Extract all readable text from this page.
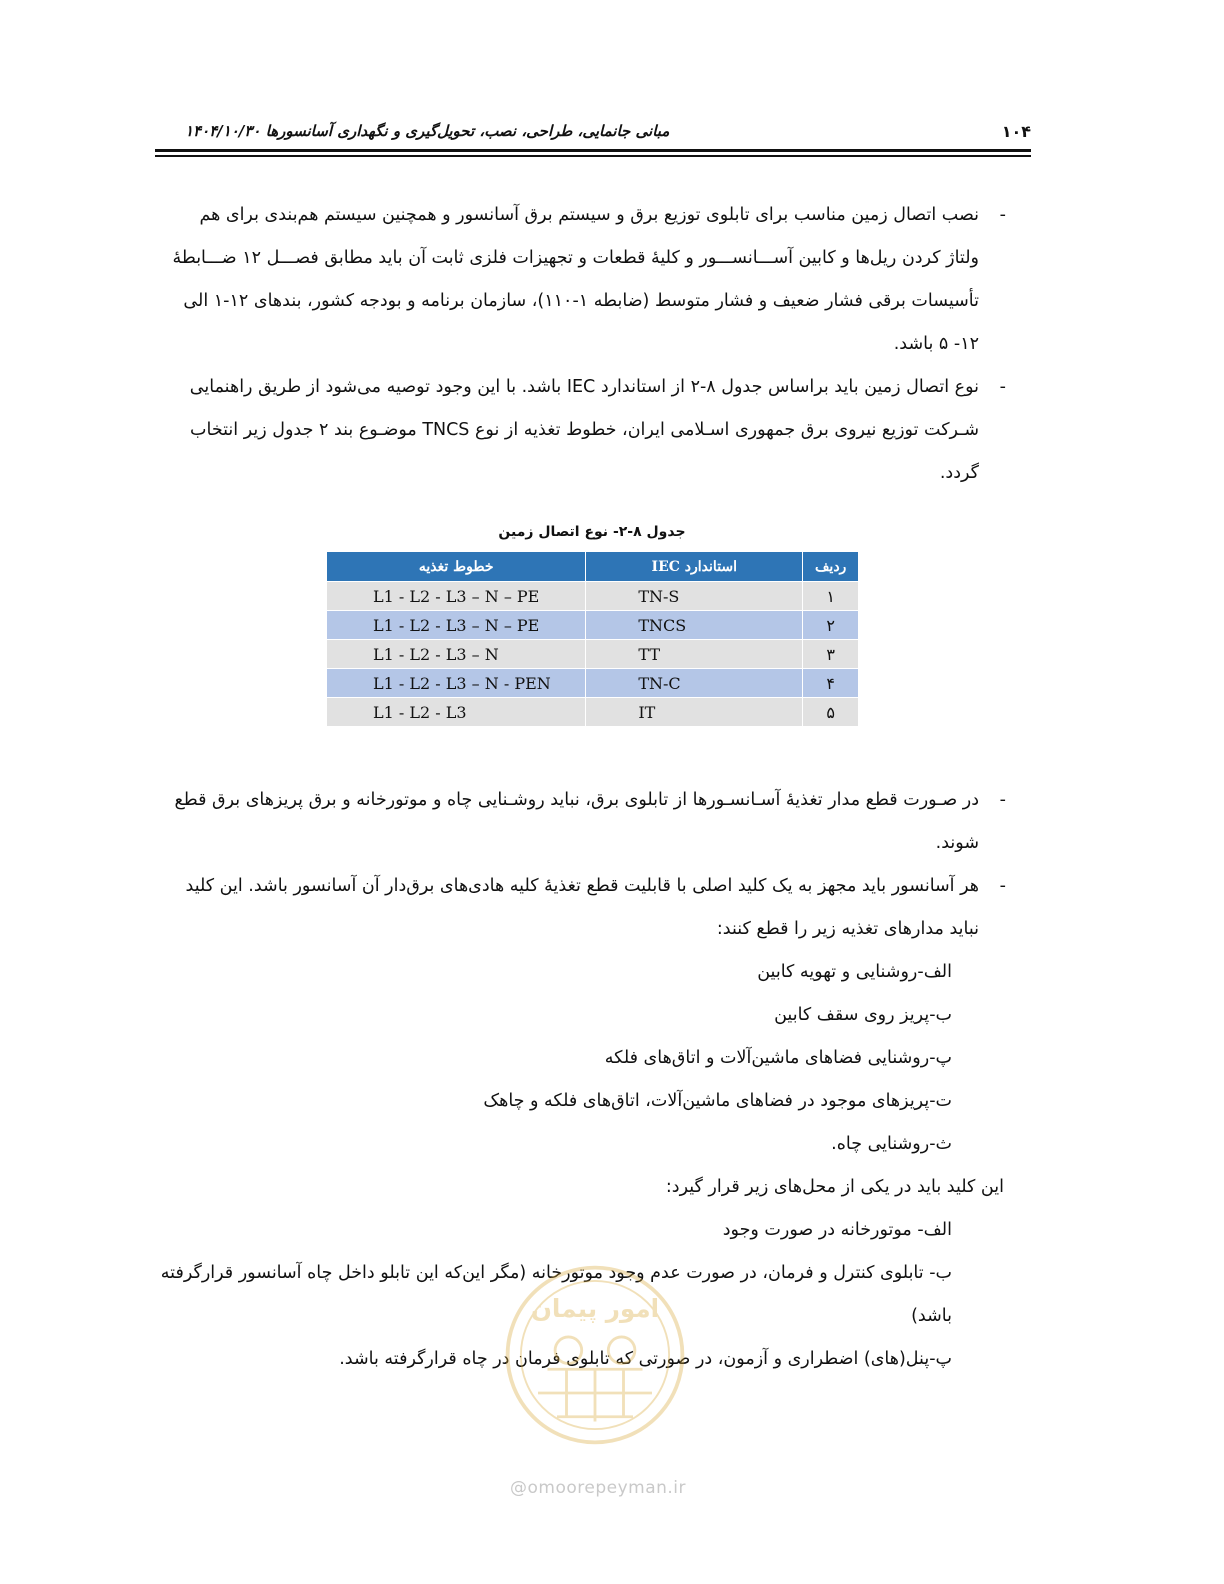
۱۰۴
مبانی جانمایی، طراحی، نصب، تحویل‌گیری و نگهداری آسانسورها ۱۴۰۴/۱۰/۳۰
-

نصب اتصال زمین مناسب برای تابلوی توزیع برق و سیستم برق آسانسور و همچنین سیستم هم‌بندی برای هم

ولتاژ کردن ریل‌ها و کابین آســـانســـور و کلیهٔ قطعات و تجهیزات فلزی ثابت آن باید مطابق فصـــل ۱۲ ضـــابطهٔ

تأسیسات برقی فشار ضعیف و فشار متوسط (ضابطه ۱-۱۱۰)، سازمان برنامه و بودجه کشور، بندهای ۱۲-۱ الی

۱۲- ۵ باشد.

-

نوع اتصال زمین باید براساس جدول ۸-۲ از استاندارد IEC باشد. با این وجود توصیه می‌شود از طریق راهنمایی

شـرکت توزیع نیروی برق جمهوری اسـلامی ایران، خطوط تغذیه از نوع TNCS موضـوع بند ۲ جدول زیر انتخاب

گردد.

جدول ۸-۲- نوع اتصال زمین
ردیف	استاندارد IEC	خطوط تغذیه
۱	TN-S	L1 - L2 - L3 – N – PE
۲	TNCS	L1 - L2 - L3 – N – PE
۳	TT	L1 - L2 - L3 – N
۴	TN-C	L1 - L2 - L3 – N - PEN
۵	IT	L1 - L2 - L3
-

در صـورت قطع مدار تغذیهٔ آسـانسـورها از تابلوی برق، نباید روشـنایی چاه و موتورخانه و برق پریزهای برق قطع

شوند.

-

هر آسانسور باید مجهز به یک کلید اصلی با قابلیت قطع تغذیهٔ کلیه هادی‌های برق‌دار آن آسانسور باشد. این کلید

نباید مدارهای تغذیه زیر را قطع کنند:

الف-روشنایی و تهویه کابین
ب-پریز روی سقف کابین
پ-روشنایی فضاهای ماشین‌آلات و اتاق‌های فلکه
ت-پریزهای موجود در فضاهای ماشین‌آلات، اتاق‌های فلکه و چاهک
ث-روشنایی چاه.
این کلید باید در یکی از محل‌های زیر قرار گیرد:
الف- موتورخانه در صورت وجود
ب- تابلوی کنترل و فرمان، در صورت عدم وجود موتورخانه (مگر این‌که این تابلو داخل چاه آسانسور قرارگرفته
باشد)
پ-پنل(های) اضطراری و آزمون، در صورتی که تابلوی فرمان در چاه قرارگرفته باشد.
امور پیمان
@omoorepeyman.ir
